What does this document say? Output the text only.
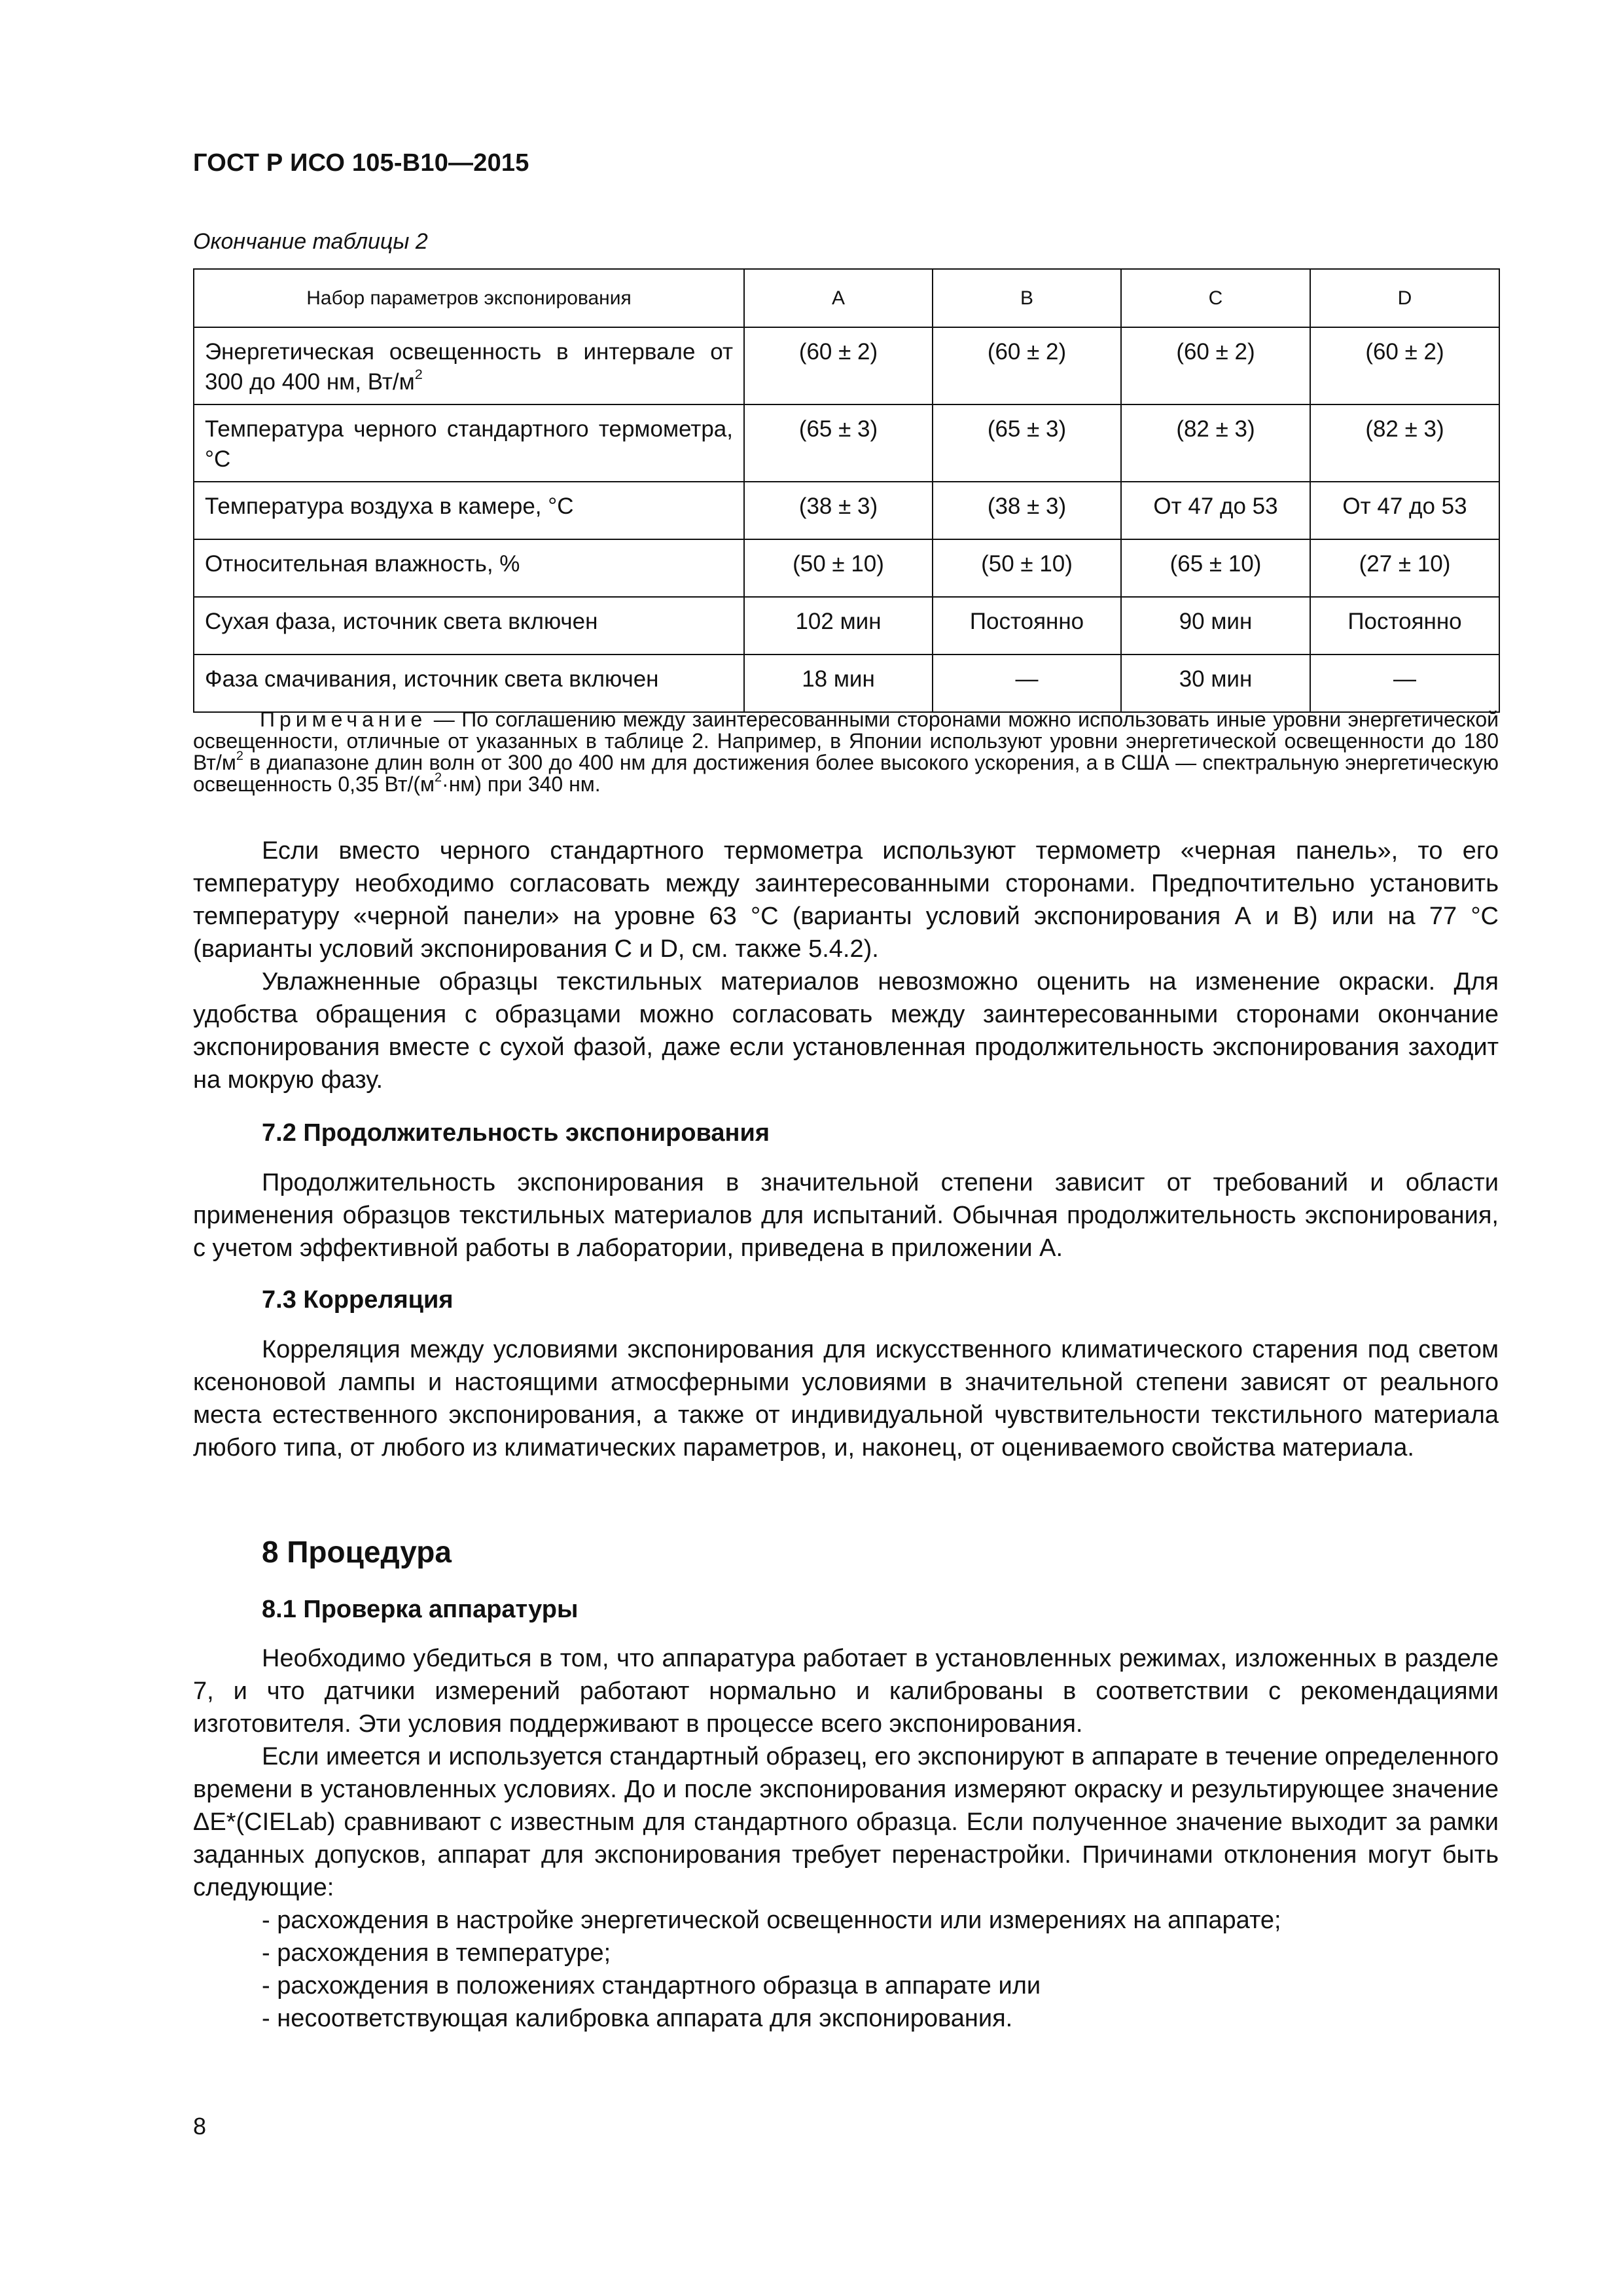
ГОСТ Р ИСО 105-B10—2015
Окончание таблицы 2
Набор параметров экспонирования	А	В	С	D
Энергетическая освещенность в интервале от 300 до 400 нм, $Вт/м^2$	(60 ± 2)	(60 ± 2)	(60 ± 2)	(60 ± 2)
Температура черного стандартного термометра, °С	(65 ± 3)	(65 ± 3)	(82 ± 3)	(82 ± 3)
Температура воздуха в камере, °С	(38 ± 3)	(38 ± 3)	От 47 до 53	От 47 до 53
Относительная влажность, %	(50 ± 10)	(50 ± 10)	(65 ± 10)	(27 ± 10)
Сухая фаза, источник света включен	102 мин	Постоянно	90 мин	Постоянно
Фаза смачивания, источник света включен	18 мин	—	30 мин	—
Примечание — По соглашению между заинтересованными сторонами можно использовать иные уровни энергетической освещенности, отличные от указанных в таблице 2. Например, в Японии используют уровни энергетической освещенности до 180 $Вт/м^2$ в диапазоне длин волн от 300 до 400 нм для достижения более высокого ускорения, а в США — спектральную энергетическую освещенность 0,35 $Вт/(м^2\cdot нм)$ при 340 нм.

Если вместо черного стандартного термометра используют термометр «черная панель», то его температуру необходимо согласовать между заинтересованными сторонами. Предпочтительно установить температуру «черной панели» на уровне 63 °С (варианты условий экспонирования А и В) или на 77 °С (варианты условий экспонирования С и D, см. также 5.4.2).

Увлажненные образцы текстильных материалов невозможно оценить на изменение окраски. Для удобства обращения с образцами можно согласовать между заинтересованными сторонами окончание экспонирования вместе с сухой фазой, даже если установленная продолжительность экспонирования заходит на мокрую фазу.

7.2 Продолжительность экспонирования

Продолжительность экспонирования в значительной степени зависит от требований и области применения образцов текстильных материалов для испытаний. Обычная продолжительность экспонирования, с учетом эффективной работы в лаборатории, приведена в приложении А.

7.3 Корреляция

Корреляция между условиями экспонирования для искусственного климатического старения под светом ксеноновой лампы и настоящими атмосферными условиями в значительной степени зависят от реального места естественного экспонирования, а также от индивидуальной чувствительности текстильного материала любого типа, от любого из климатических параметров, и, наконец, от оцениваемого свойства материала.

8 Процедура
8.1 Проверка аппаратуры

Необходимо убедиться в том, что аппаратура работает в установленных режимах, изложенных в разделе 7, и что датчики измерений работают нормально и калиброваны в соответствии с рекомендациями изготовителя. Эти условия поддерживают в процессе всего экспонирования.

Если имеется и используется стандартный образец, его экспонируют в аппарате в течение определенного времени в установленных условиях. До и после экспонирования измеряют окраску и результирующее значение ΔE*(CIELab) сравнивают с известным для стандартного образца. Если полученное значение выходит за рамки заданных допусков, аппарат для экспонирования требует перенастройки. Причинами отклонения могут быть следующие:

- расхождения в настройке энергетической освещенности или измерениях на аппарате;
- расхождения в температуре;
- расхождения в положениях стандартного образца в аппарате или
- несоответствующая калибровка аппарата для экспонирования.
8
